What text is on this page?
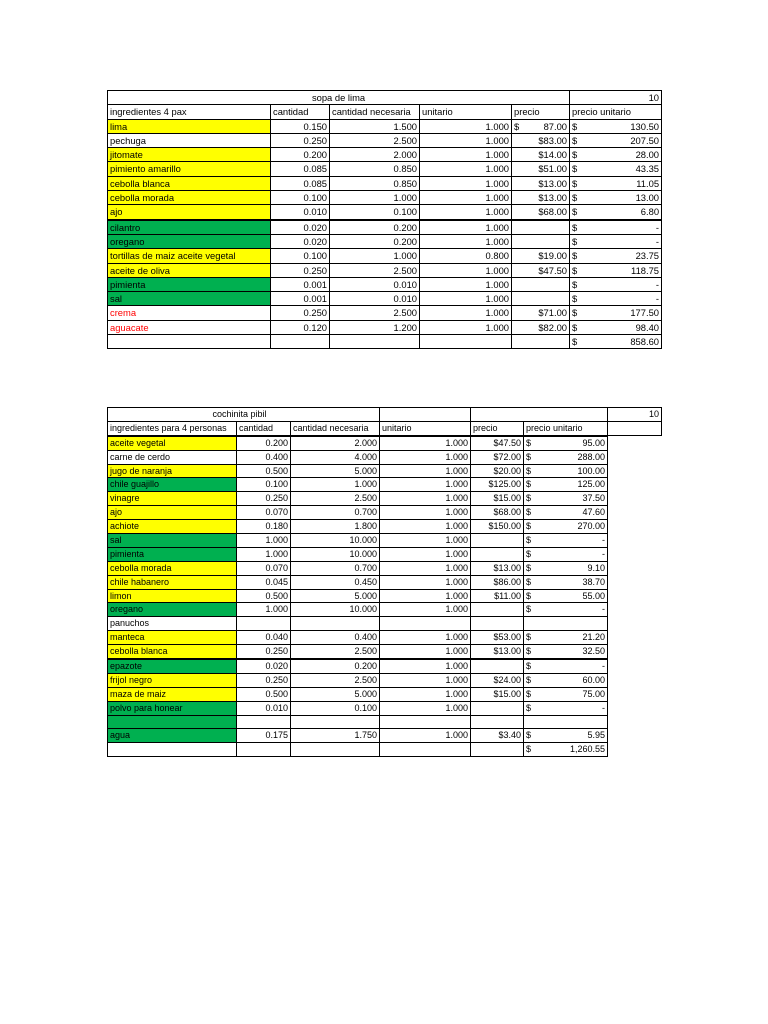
sopa de lima					10
ingredientes 4 pax	cantidad	cantidad necesaria	unitario	precio	precio unitario
lima	0.150	1.500	1.000	$ 87.00	$ 130.50

pechuga	0.250	2.500	1.000	$83.00	$ 207.50

jitomate	0.200	2.000	1.000	$14.00	$ 28.00

pimiento amarillo	0.085	0.850	1.000	$51.00	$ 43.35

cebolla blanca	0.085	0.850	1.000	$13.00	$ 11.05

cebolla morada	0.100	1.000	1.000	$13.00	$ 13.00

ajo	0.010	0.100	1.000	$68.00	$ 6.80

cilantro	0.020	0.200	1.000		$ -

oregano	0.020	0.200	1.000		$ -

tortillas de maiz aceite vegetal	0.100	1.000	0.800	$19.00	$ 23.75

aceite de oliva	0.250	2.500	1.000	$47.50	$ 118.75

pimienta	0.001	0.010	1.000		$ -

sal	0.001	0.010	1.000		$ -

crema	0.250	2.500	1.000	$71.00	$ 177.50

aguacate	0.120	1.200	1.000	$82.00	$ 98.40

					$ 858.60
cochinita pibil						10
ingredientes para 4 personas	cantidad	cantidad necesaria	unitario	precio	precio unitario	
aceite vegetal	0.200	2.000	1.000	$47.50	$ 95.00	

carne de cerdo	0.400	4.000	1.000	$72.00	$ 288.00	

jugo de naranja	0.500	5.000	1.000	$20.00	$ 100.00	

chile guajillo	0.100	1.000	1.000	$125.00	$ 125.00	

vinagre	0.250	2.500	1.000	$15.00	$ 37.50	

ajo	0.070	0.700	1.000	$68.00	$ 47.60	

achiote	0.180	1.800	1.000	$150.00	$ 270.00	

sal	1.000	10.000	1.000		$ -	

pimienta	1.000	10.000	1.000		$ -	

cebolla morada	0.070	0.700	1.000	$13.00	$ 9.10	

chile habanero	0.045	0.450	1.000	$86.00	$ 38.70	

limon	0.500	5.000	1.000	$11.00	$ 55.00	

oregano	1.000	10.000	1.000		$ -	

panuchos					

manteca	0.040	0.400	1.000	$53.00	$ 21.20	

cebolla blanca	0.250	2.500	1.000	$13.00	$ 32.50	

epazote	0.020	0.200	1.000		$ -	

frijol negro	0.250	2.500	1.000	$24.00	$ 60.00	

maza de maiz	0.500	5.000	1.000	$15.00	$ 75.00	

polvo para honear	0.010	0.100	1.000		$ -	

agua	0.175	1.750	1.000	$3.40	$ 5.95	

					$ 1,260.55	
